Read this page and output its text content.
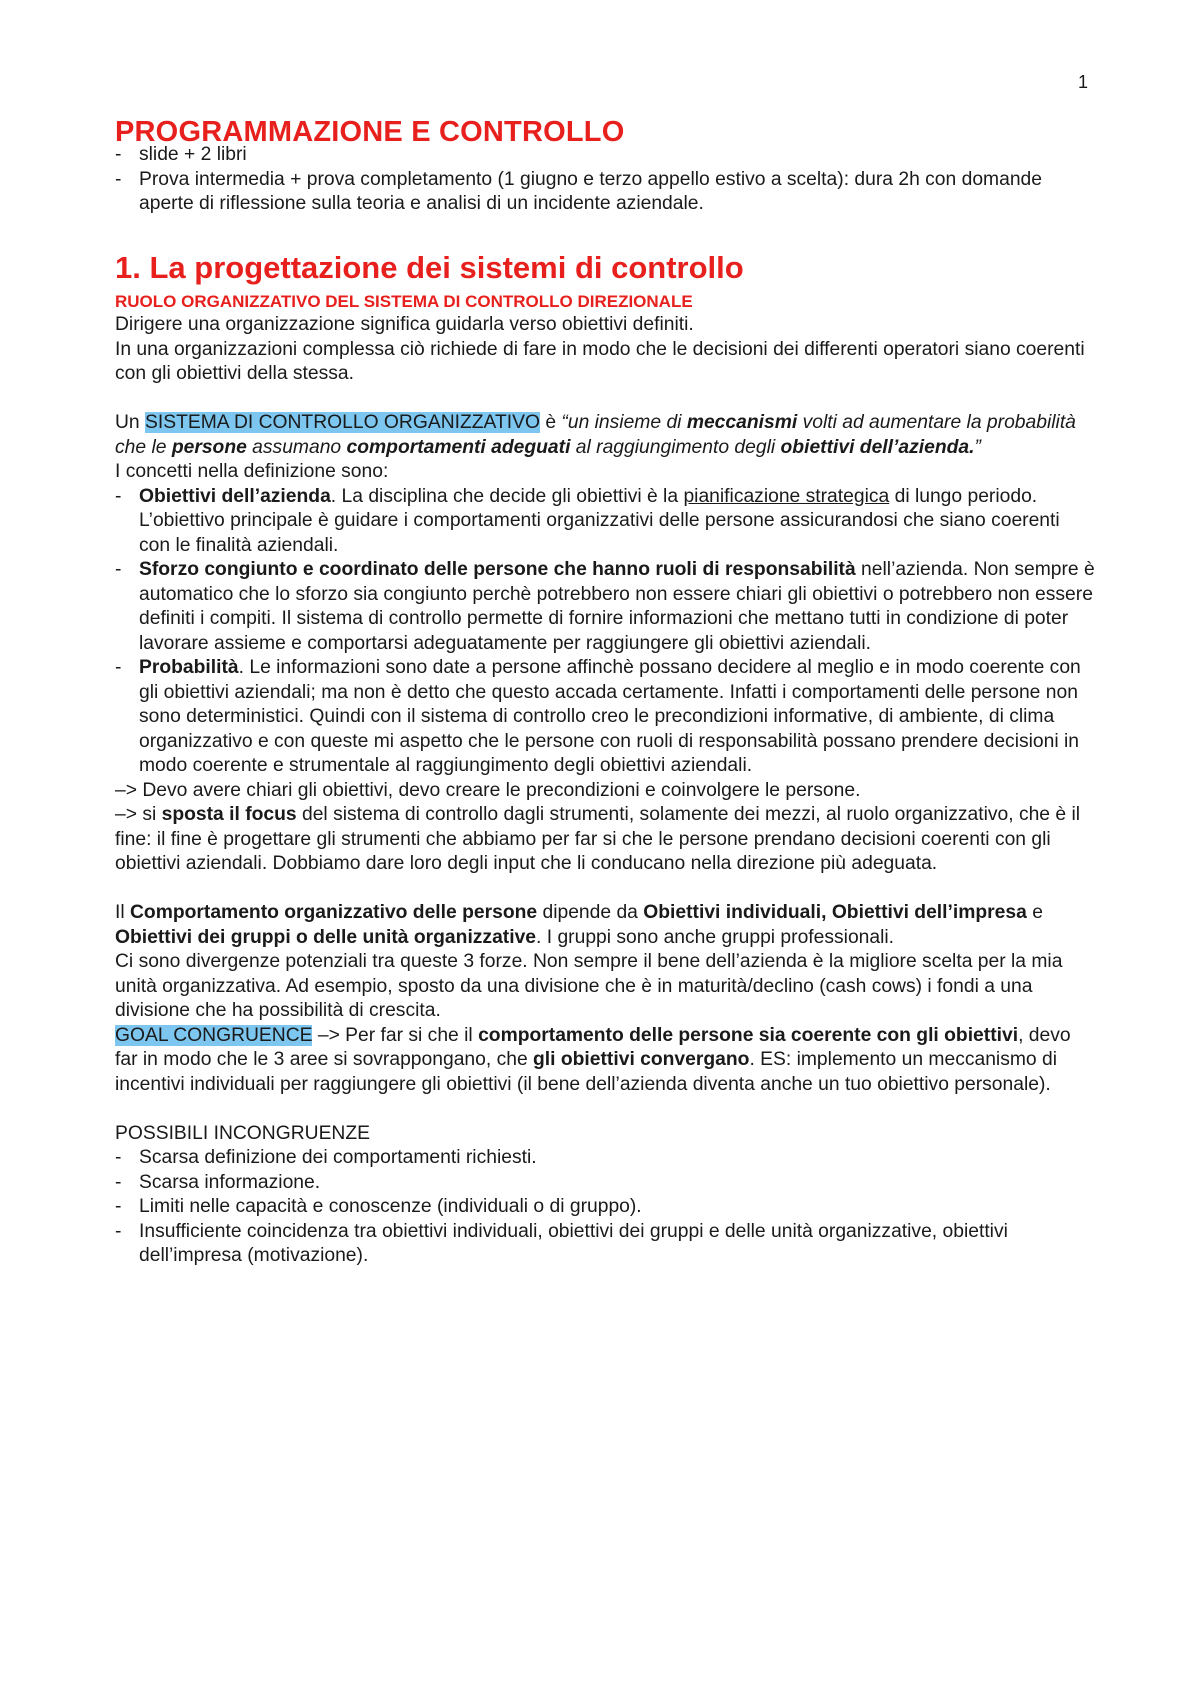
1
PROGRAMMAZIONE E CONTROLLO
- slide + 2 libri
- Prova intermedia + prova completamento (1 giugno e terzo appello estivo a scelta): dura 2h con domande aperte di riflessione sulla teoria e analisi di un incidente aziendale.
1. La progettazione dei sistemi di controllo
RUOLO ORGANIZZATIVO DEL SISTEMA DI CONTROLLO DIREZIONALE

Dirigere una organizzazione significa guidarla verso obiettivi definiti.

In una organizzazioni complessa ciò richiede di fare in modo che le decisioni dei differenti operatori siano coerenti con gli obiettivi della stessa.

Un SISTEMA DI CONTROLLO ORGANIZZATIVO è “un insieme di meccanismi volti ad aumentare la probabilità che le persone assumano comportamenti adeguati al raggiungimento degli obiettivi dell’azienda.”

I concetti nella definizione sono:

- Obiettivi dell’azienda. La disciplina che decide gli obiettivi è la pianificazione strategica di lungo periodo. L’obiettivo principale è guidare i comportamenti organizzativi delle persone assicurandosi che siano coerenti con le finalità aziendali.
- Sforzo congiunto e coordinato delle persone che hanno ruoli di responsabilità nell’azienda. Non sempre è automatico che lo sforzo sia congiunto perchè potrebbero non essere chiari gli obiettivi o potrebbero non essere definiti i compiti. Il sistema di controllo permette di fornire informazioni che mettano tutti in condizione di poter lavorare assieme e comportarsi adeguatamente per raggiungere gli obiettivi aziendali.
- Probabilità. Le informazioni sono date a persone affinchè possano decidere al meglio e in modo coerente con gli obiettivi aziendali; ma non è detto che questo accada certamente. Infatti i comportamenti delle persone non sono deterministici. Quindi con il sistema di controllo creo le precondizioni informative, di ambiente, di clima organizzativo e con queste mi aspetto che le persone con ruoli di responsabilità possano prendere decisioni in modo coerente e strumentale al raggiungimento degli obiettivi aziendali.

–> Devo avere chiari gli obiettivi, devo creare le precondizioni e coinvolgere le persone.

–> si sposta il focus del sistema di controllo dagli strumenti, solamente dei mezzi, al ruolo organizzativo, che è il fine: il fine è progettare gli strumenti che abbiamo per far si che le persone prendano decisioni coerenti con gli obiettivi aziendali. Dobbiamo dare loro degli input che li conducano nella direzione più adeguata.

Il Comportamento organizzativo delle persone dipende da Obiettivi individuali, Obiettivi dell’impresa e Obiettivi dei gruppi o delle unità organizzative. I gruppi sono anche gruppi professionali.

Ci sono divergenze potenziali tra queste 3 forze. Non sempre il bene dell’azienda è la migliore scelta per la mia unità organizzativa. Ad esempio, sposto da una divisione che è in maturità/declino (cash cows) i fondi a una divisione che ha possibilità di crescita.

GOAL CONGRUENCE –> Per far si che il comportamento delle persone sia coerente con gli obiettivi, devo far in modo che le 3 aree si sovrappongano, che gli obiettivi convergano. ES: implemento un meccanismo di incentivi individuali per raggiungere gli obiettivi (il bene dell’azienda diventa anche un tuo obiettivo personale).

POSSIBILI INCONGRUENZE

- Scarsa definizione dei comportamenti richiesti.
- Scarsa informazione.
- Limiti nelle capacità e conoscenze (individuali o di gruppo).
- Insufficiente coincidenza tra obiettivi individuali, obiettivi dei gruppi e delle unità organizzative, obiettivi dell’impresa (motivazione).
